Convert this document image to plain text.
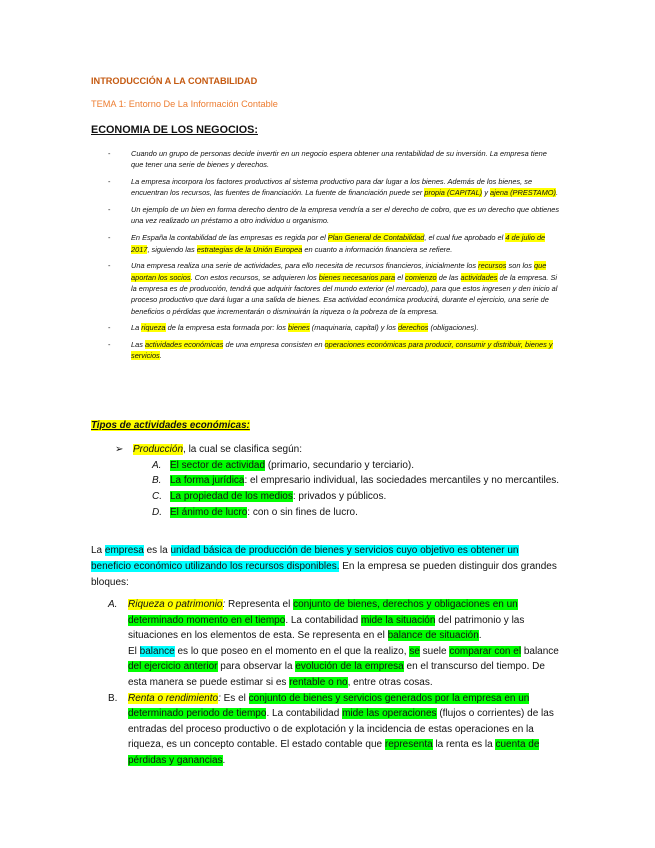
INTRODUCCIÓN A LA CONTABILIDAD
TEMA 1: Entorno De La Información Contable
ECONOMIA DE LOS NEGOCIOS:
- Cuando un grupo de personas decide invertir en un negocio espera obtener una rentabilidad de su inversión. La empresa tiene que tener una serie de bienes y derechos.
- La empresa incorpora los factores productivos al sistema productivo para dar lugar a los bienes. Además de los bienes, se encuentran los recursos, las fuentes de financiación. La fuente de financiación puede ser propia (CAPITAL) y ajena (PRESTAMO).
- Un ejemplo de un bien en forma derecho dentro de la empresa vendría a ser el derecho de cobro, que es un derecho que obtienes una vez realizado un préstamo a otro individuo u organismo.
- En España la contabilidad de las empresas es regida por el Plan General de Contabilidad, el cual fue aprobado el 4 de julio de 2017, siguiendo las estrategias de la Unión Europea en cuanto a información financiera se refiere.
- Una empresa realiza una serie de actividades, para ello necesita de recursos financieros, inicialmente los recursos son los que aportan los socios. Con estos recursos, se adquieren los bienes necesarios para el comienzo de las actividades de la empresa. Si la empresa es de producción, tendrá que adquirir factores del mundo exterior (el mercado), para que estos ingresen y den inicio al proceso productivo que dará lugar a una salida de bienes. Esa actividad económica producirá, durante el ejercicio, una serie de beneficios o pérdidas que incrementarán o disminuirán la riqueza o la pobreza de la empresa.
- La riqueza de la empresa esta formada por: los bienes (maquinaria, capital) y los derechos (obligaciones).
- Las actividades económicas de una empresa consisten en operaciones económicas para producir, consumir y distribuir, bienes y servicios.
Tipos de actividades económicas:
➢ Producción, la cual se clasifica según:
A. El sector de actividad (primario, secundario y terciario).
B. La forma jurídica: el empresario individual, las sociedades mercantiles y no mercantiles.
C. La propiedad de los medios: privados y públicos.
D. El ánimo de lucro: con o sin fines de lucro.
La empresa es la unidad básica de producción de bienes y servicios cuyo objetivo es obtener un beneficio económico utilizando los recursos disponibles. En la empresa se pueden distinguir dos grandes bloques:
A. Riqueza o patrimonio: Representa el conjunto de bienes, derechos y obligaciones en un determinado momento en el tiempo. La contabilidad mide la situación del patrimonio y las situaciones en los elementos de esta. Se representa en el balance de situación.
El balance es lo que poseo en el momento en el que la realizo, se suele comparar con el balance del ejercicio anterior para observar la evolución de la empresa en el transcurso del tiempo. De esta manera se puede estimar si es rentable o no, entre otras cosas.
B. Renta o rendimiento: Es el conjunto de bienes y servicios generados por la empresa en un determinado periodo de tiempo. La contabilidad mide las operaciones (flujos o corrientes) de las entradas del proceso productivo o de explotación y la incidencia de estas operaciones en la riqueza, es un concepto contable. El estado contable que representa la renta es la cuenta de pérdidas y ganancias.
